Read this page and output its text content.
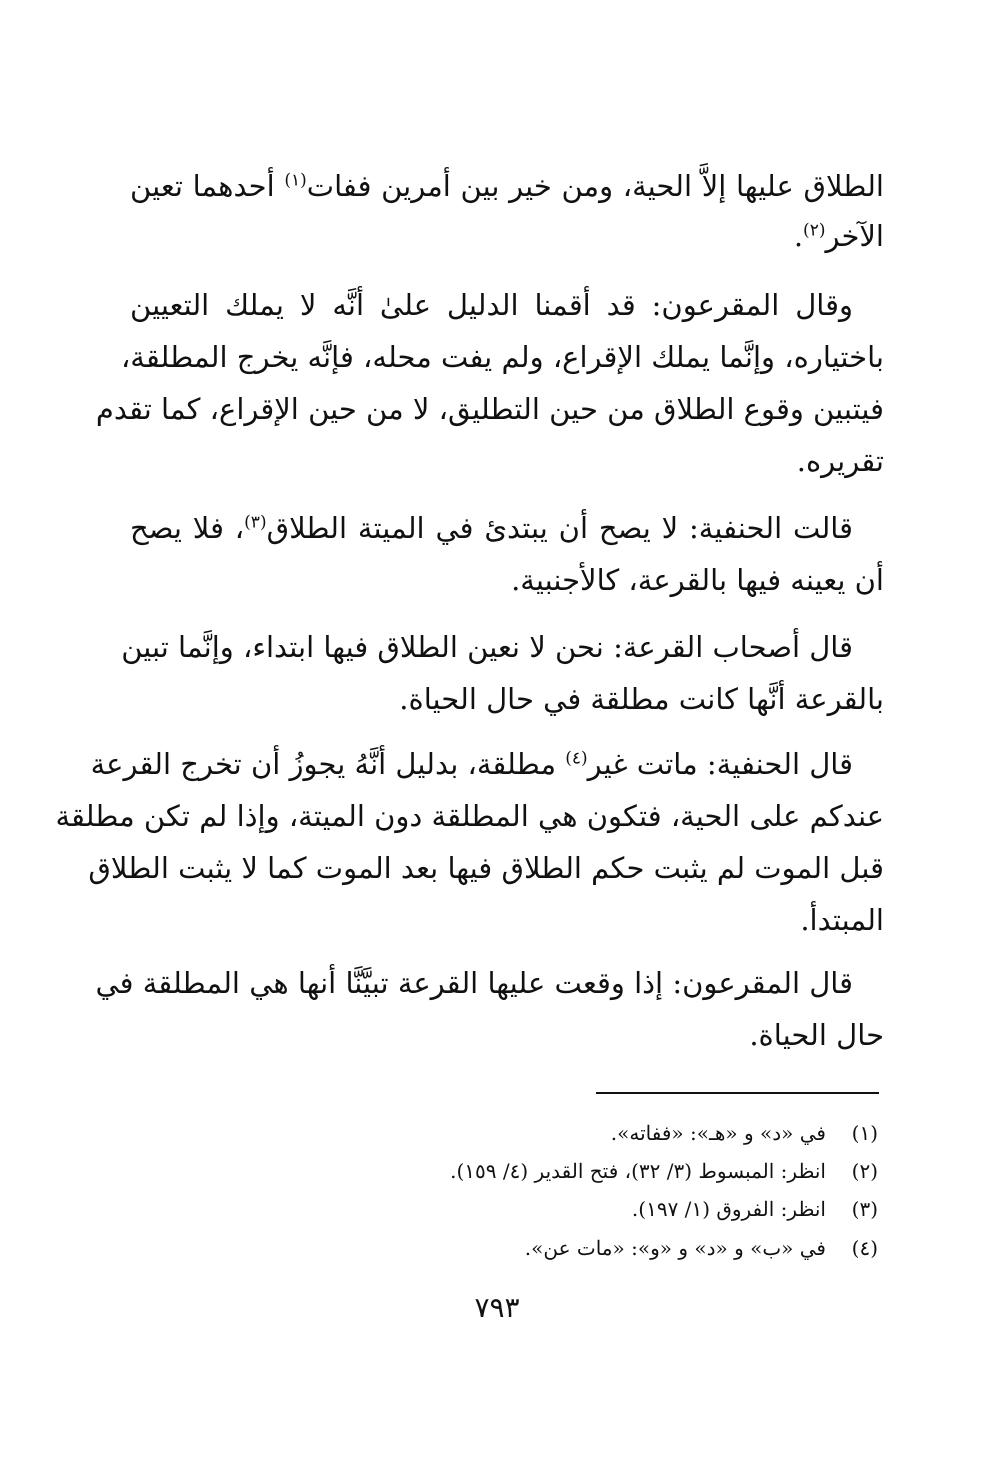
الطلاق عليها إلاَّ الحية، ومن خير بين أمرين ففات$^{(١)}$ أحدهما تعين
الآخر$^{(٢)}$.
وقال المقرعون: قد أقمنا الدليل علىٰ أنَّه لا يملك التعيين
باختياره، وإنَّما يملك الإقراع، ولم يفت محله، فإنَّه يخرج المطلقة،
فيتبين وقوع الطلاق من حين التطليق، لا من حين الإقراع، كما تقدم
تقريره.
قالت الحنفية: لا يصح أن يبتدئ في الميتة الطلاق$^{(٣)}$، فلا يصح
أن يعينه فيها بالقرعة، كالأجنبية.
قال أصحاب القرعة: نحن لا نعين الطلاق فيها ابتداء، وإنَّما تبين
بالقرعة أنَّها كانت مطلقة في حال الحياة.
قال الحنفية: ماتت غير$^{(٤)}$ مطلقة، بدليل أنَّهُ يجوزُ أن تخرج القرعة
عندكم على الحية، فتكون هي المطلقة دون الميتة، وإذا لم تكن مطلقة
قبل الموت لم يثبت حكم الطلاق فيها بعد الموت كما لا يثبت الطلاق
المبتدأ.
قال المقرعون: إذا وقعت عليها القرعة تبيَّنَّا أنها هي المطلقة في
حال الحياة.
(١)في «د» و «هـ»: «ففاته».
(٢)انظر: المبسوط (٣/ ٣٢)، فتح القدير (٤/ ١٥٩).
(٣)انظر: الفروق (١/ ١٩٧).
(٤)في «ب» و «د» و «و»: «مات عن».
٧٩٣
